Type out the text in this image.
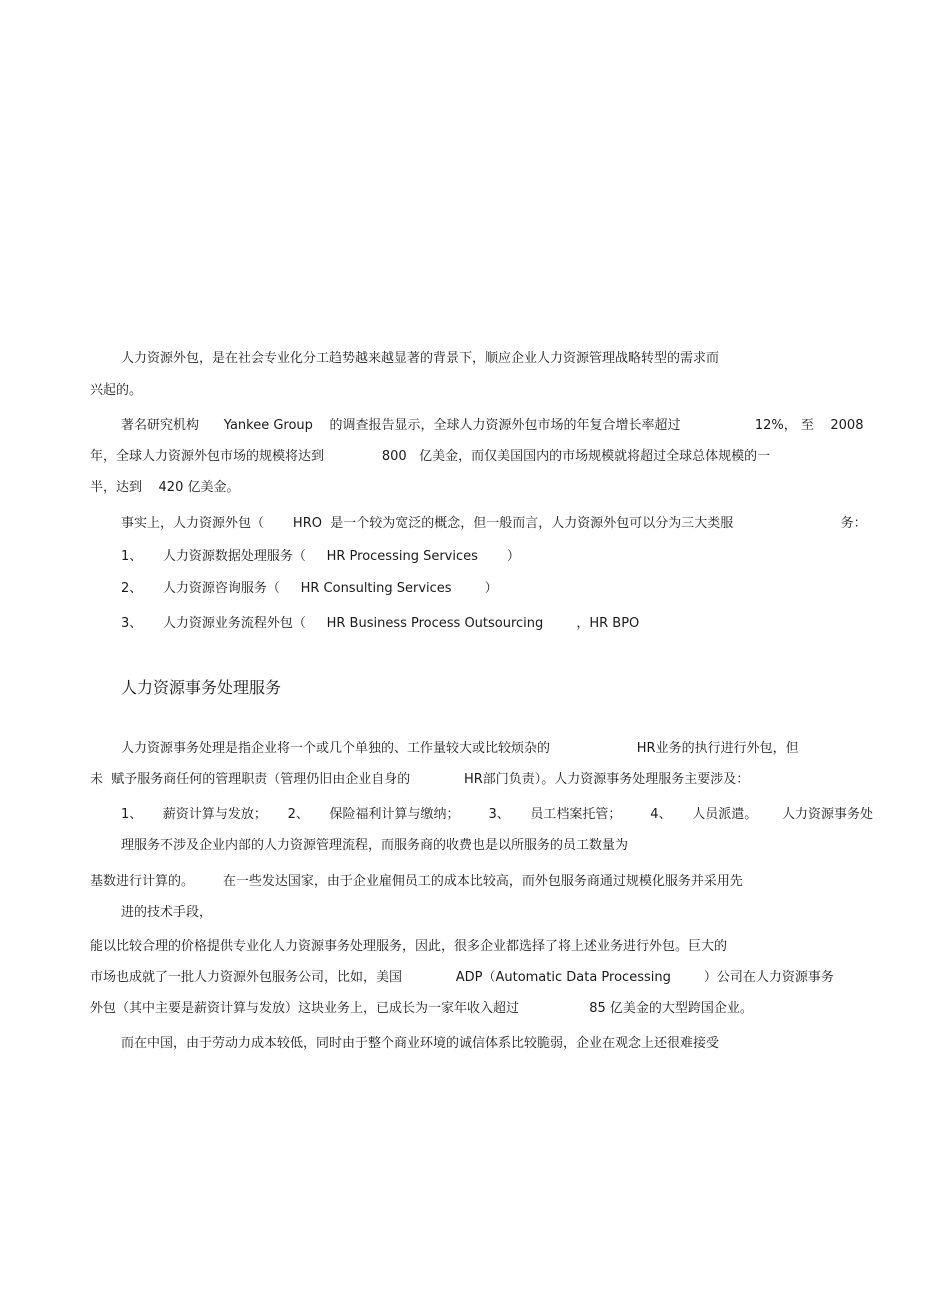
人力资源外包，是在社会专业化分工趋势越来越显著的背景下，顺应企业人力资源管理战略转型的需求而
兴起的。
著名研究机构      Yankee Group    的调查报告显示，全球人力资源外包市场的年复合增长率超过                  12%， 至    2008
年，全球人力资源外包市场的规模将达到              800   亿美金，而仅美国国内的市场规模就将超过全球总体规模的一
半，达到    420 亿美金。
事实上，人力资源外包（       HRO  是一个较为宽泛的概念，但一般而言，人力资源外包可以分为三大类服                          务：
1、     人力资源数据处理服务（     HR Processing Services       ）
2、     人力资源咨询服务（     HR Consulting Services        ）
3、     人力资源业务流程外包（     HR Business Process Outsourcing        ，HR BPO
人力资源事务处理服务
人力资源事务处理是指企业将一个或几个单独的、工作量较大或比较烦杂的                     HR业务的执行进行外包，但
未  赋予服务商任何的管理职责（管理仍旧由企业自身的             HR部门负责）。人力资源事务处理服务主要涉及：
1、     薪资计算与发放；     2、     保险福利计算与缴纳；       3、     员工档案托管；       4、     人员派遣。      人力资源事务处
理服务不涉及企业内部的人力资源管理流程，而服务商的收费也是以所服务的员工数量为
基数进行计算的。       在一些发达国家，由于企业雇佣员工的成本比较高，而外包服务商通过规模化服务并采用先
进的技术手段，
能以比较合理的价格提供专业化人力资源事务处理服务，因此，很多企业都选择了将上述业务进行外包。巨大的
市场也成就了一批人力资源外包服务公司，比如，美国             ADP（Automatic Data Processing        ）公司在人力资源事务
外包（其中主要是薪资计算与发放）这块业务上，已成长为一家年收入超过                 85 亿美金的大型跨国企业。
而在中国，由于劳动力成本较低，同时由于整个商业环境的诚信体系比较脆弱，企业在观念上还很难接受
